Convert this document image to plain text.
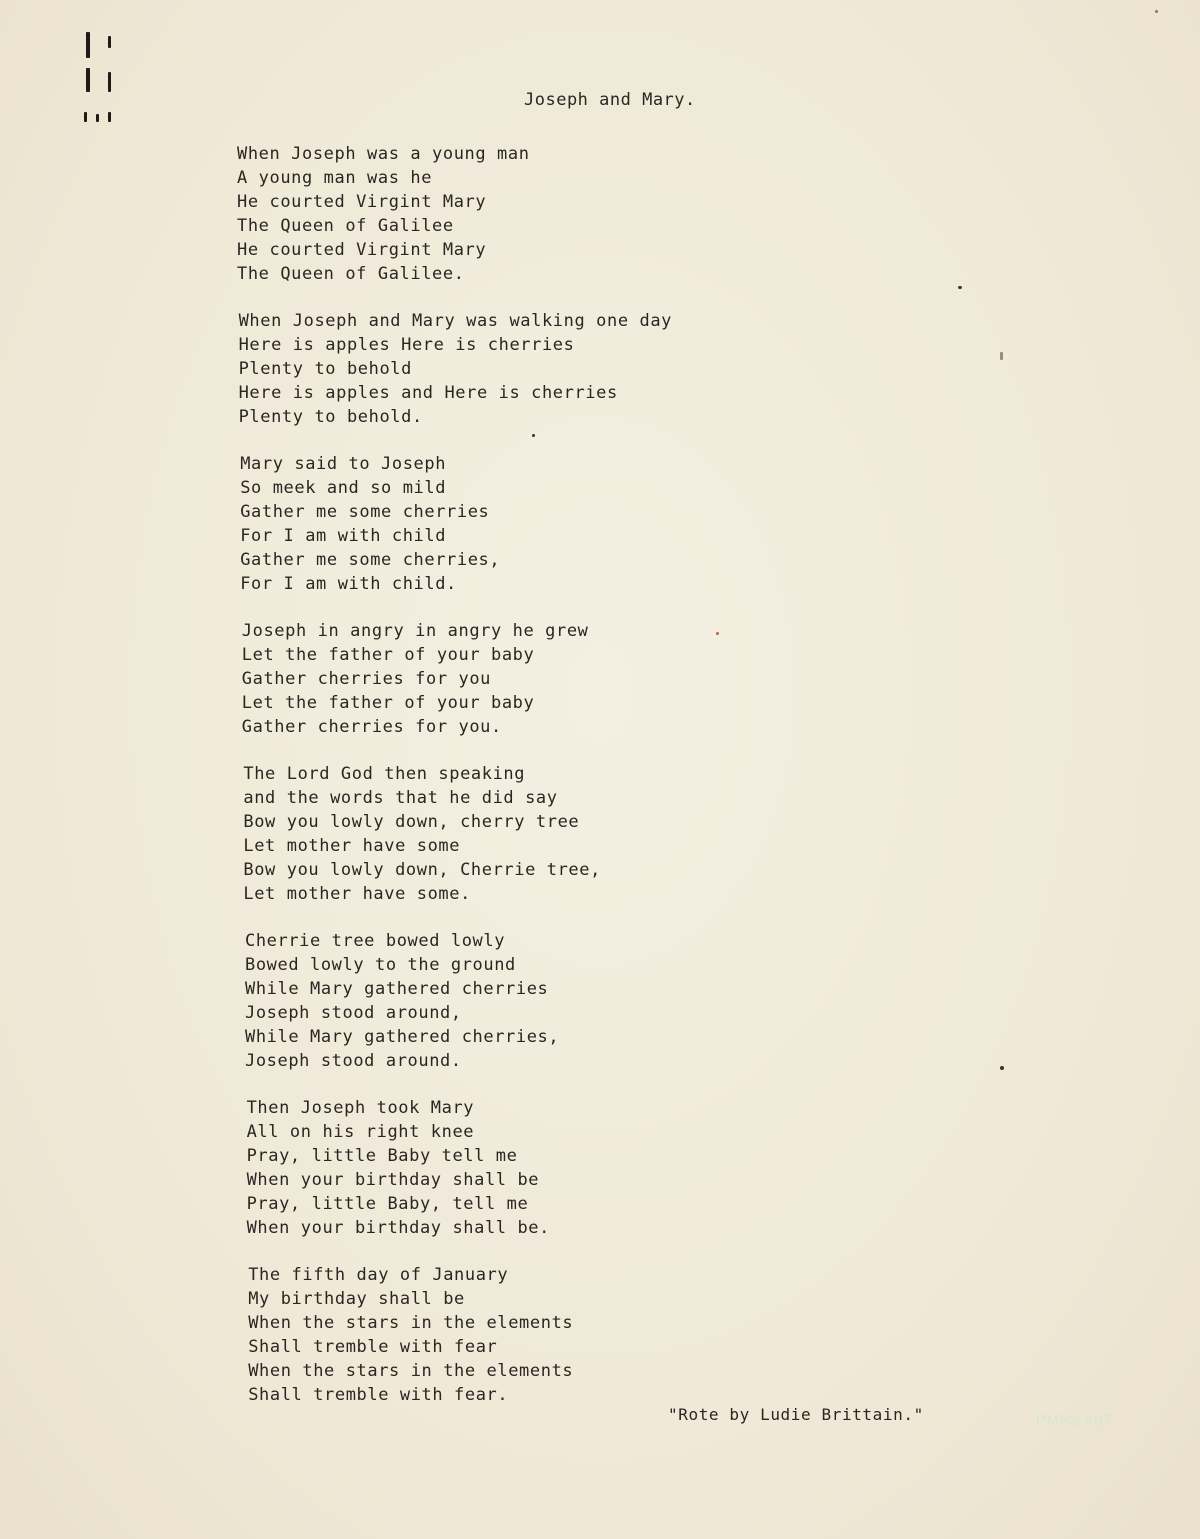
Joseph and Mary.
When Joseph was a young man
A young man was he
He courted Virgint Mary
The Queen of Galilee
He courted Virgint Mary
The Queen of Galilee.
When Joseph and Mary was walking one day
Here is apples Here is cherries
Plenty to behold
Here is apples and Here is cherries
Plenty to behold.
Mary said to Joseph
So meek and so mild
Gather me some cherries
For I am with child
Gather me some cherries,
For I am with child.
Joseph in angry in angry he grew
Let the father of your baby
Gather cherries for you
Let the father of your baby
Gather cherries for you.
The Lord God then speaking
and the words that he did say
Bow you lowly down, cherry tree
Let mother have some
Bow you lowly down, Cherrie tree,
Let mother have some.
Cherrie tree bowed lowly
Bowed lowly to the ground
While Mary gathered cherries
Joseph stood around,
While Mary gathered cherries,
Joseph stood around.
Then Joseph took Mary
All on his right knee
Pray, little Baby tell me
When your birthday shall be
Pray, little Baby, tell me
When your birthday shall be.
The fifth day of January
My birthday shall be
When the stars in the elements
Shall tremble with fear
When the stars in the elements
Shall tremble with fear.
"Rote by Ludie Brittain."	PMSS 207
